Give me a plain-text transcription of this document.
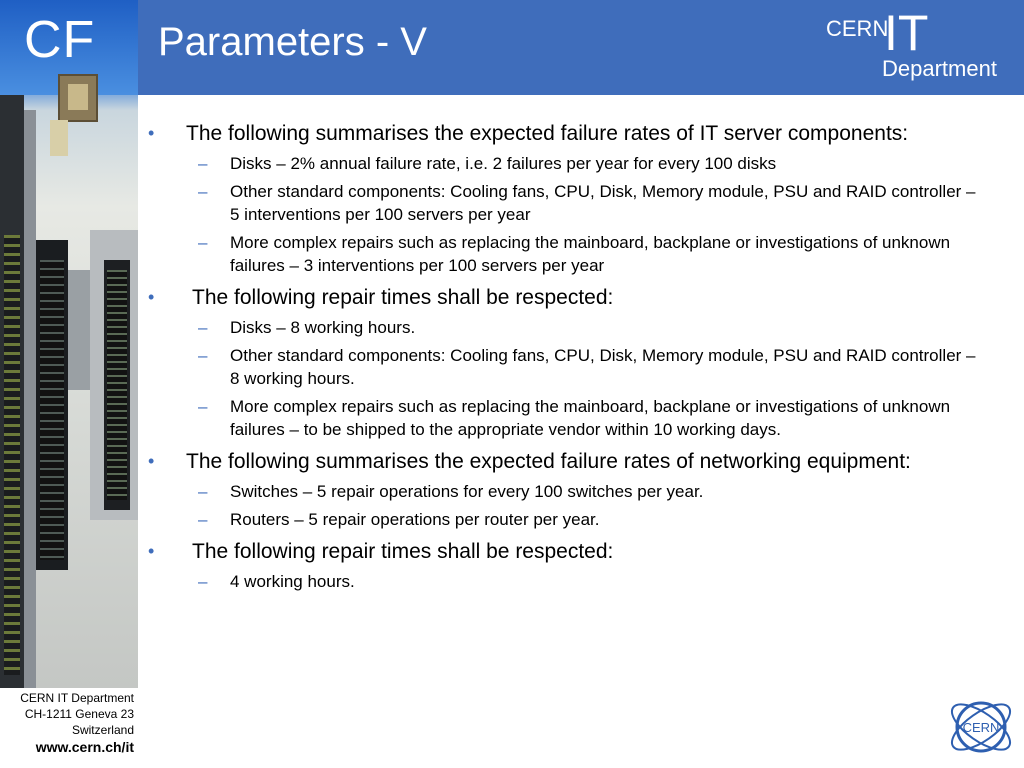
CF Parameters - V	CERN
IT
Department
•	The following summarises the expected failure rates of IT server components:
– Disks – 2% annual failure rate, i.e. 2 failures per year for every 100 disks
– Other standard components: Cooling fans, CPU, Disk, Memory module, PSU and RAID controller – 5 interventions per 100 servers per year
– More complex repairs such as replacing the mainboard, backplane or investigations of unknown failures – 3 interventions per 100 servers per year
•	The following repair times shall be respected:
– Disks – 8 working hours.
– Other standard components: Cooling fans, CPU, Disk, Memory module, PSU and RAID controller – 8 working hours.
– More complex repairs such as replacing the mainboard, backplane or investigations of unknown failures – to be shipped to the appropriate vendor within 10 working days.
•	The following summarises the expected failure rates of networking equipment:
– Switches – 5 repair operations for every 100 switches per year.
– Routers – 5 repair operations per router per year.
•	The following repair times shall be respected:
– 4 working hours.
CERN IT Department
CH-1211 Geneva 23
Switzerland
www.cern.ch/it
CERN
